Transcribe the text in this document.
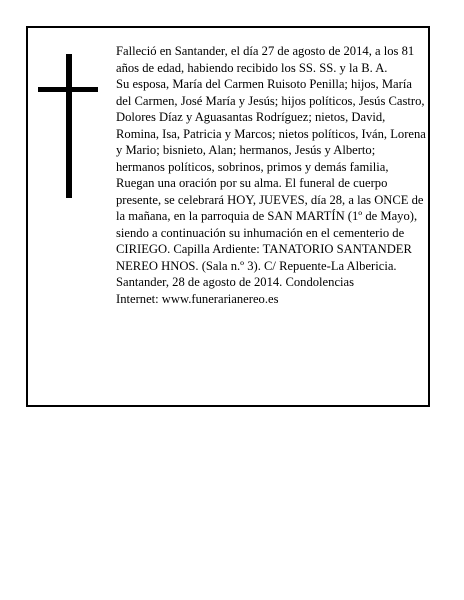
Falleció en Santander, el día 27 de agosto de 2014, a los 81 años de edad, habiendo recibido los SS. SS. y la B. A.

Su esposa, María del Carmen Ruisoto Penilla; hijos, María del Carmen, José María y Jesús; hijos políticos, Jesús Castro, Dolores Díaz y Aguasantas Rodríguez; nietos, David, Romina, Isa, Patricia y Marcos; nietos políticos, Iván, Lorena y Mario; bisnieto, Alan; hermanos, Jesús y Alberto; hermanos políticos, sobrinos, primos y demás familia,

Ruegan una oración por su alma. El funeral de cuerpo presente, se celebrará HOY, JUEVES, día 28, a las ONCE de la mañana, en la parroquia de SAN MARTÍN (1º de Mayo), siendo a continuación su inhumación en el cementerio de CIRIEGO. Capilla Ardiente: TANATORIO SANTANDER NEREO HNOS. (Sala n.º 3). C/ Repuente-La Albericia.

Santander, 28 de agosto de 2014. Condolencias

Internet: www.funerarianereo.es
